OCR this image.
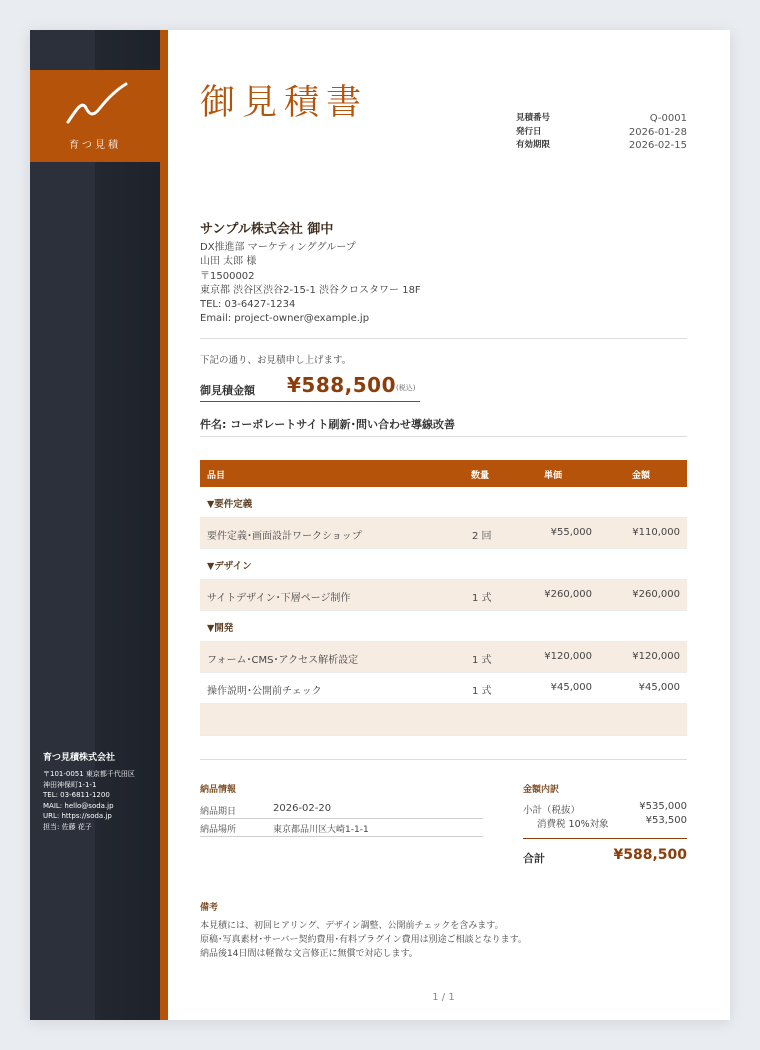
育つ見積
育つ見積株式会社
〒101-0051 東京都千代田区
神田神保町1-1-1
TEL: 03-6811-1200
MAIL: hello@soda.jp
URL: https://soda.jp
担当: 佐藤 花子
御見積書	見積番号	Q-0001
発行日	2026-01-28
有効期限	2026-02-15
サンプル株式会社 御中
DX推進部 マーケティンググループ
山田 太郎 様
〒1500002
東京都 渋谷区渋谷2-15-1 渋谷クロスタワー 18F
TEL: 03-6427-1234
Email: project-owner@example.jp
下記の通り、お見積申し上げます。
御見積金額 ¥588,500 (税込)
件名: コーポレートサイト刷新･問い合わせ導線改善
品目	数量	単価	金額
▼要件定義
要件定義･画面設計ワークショップ	2 回	¥55,000	¥110,000
▼デザイン
サイトデザイン･下層ページ制作	1 式	¥260,000	¥260,000
▼開発
フォーム･CMS･アクセス解析設定	1 式	¥120,000	¥120,000
操作説明･公開前チェック	1 式	¥45,000	¥45,000
納品情報
納品期日	2026-02-20
納品場所	東京都品川区大崎1-1-1
金額内訳
小計（税抜）	¥535,000
消費税 10%対象	¥53,500
合計	¥588,500
備考
本見積には、初回ヒアリング、デザイン調整、公開前チェックを含みます。
原稿･写真素材･サーバー契約費用･有料プラグイン費用は別途ご相談となります。
納品後14日間は軽微な文言修正に無償で対応します。
1 / 1
